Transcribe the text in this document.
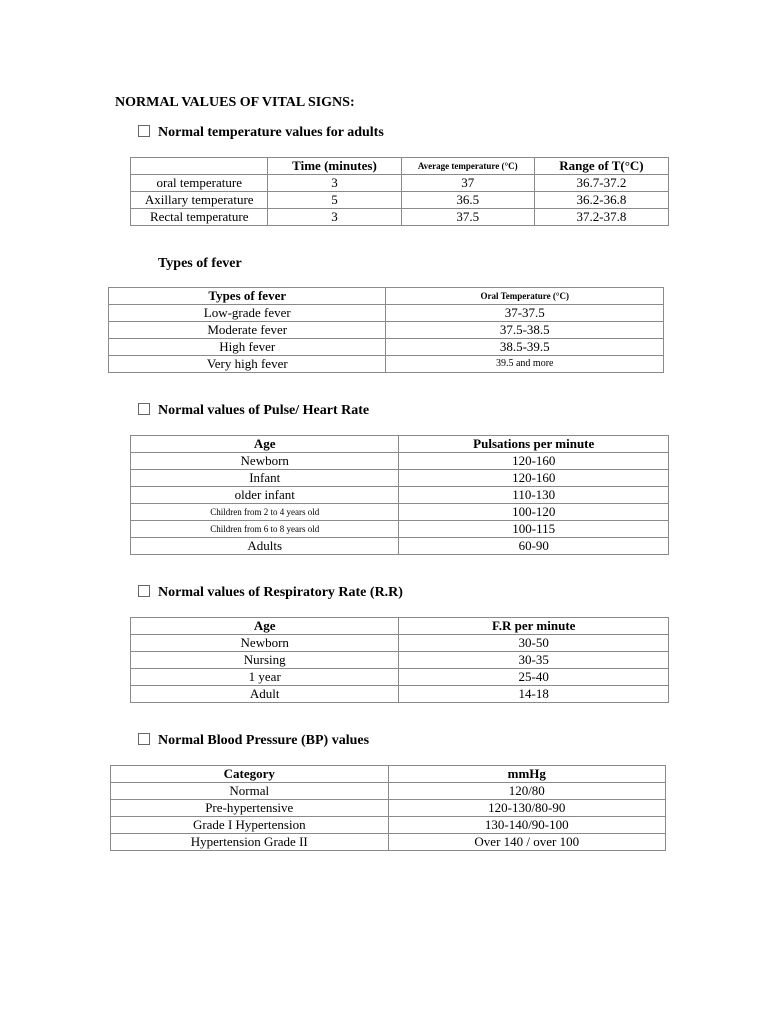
NORMAL VALUES OF VITAL SIGNS:
Normal temperature values for adults
	Time (minutes)	Average temperature (°C)	Range of T(°C)
oral temperature	3	37	36.7-37.2
Axillary temperature	5	36.5	36.2-36.8
Rectal temperature	3	37.5	37.2-37.8
Types of fever
Types of fever	Oral Temperature (°C)
Low-grade fever	37-37.5
Moderate fever	37.5-38.5
High fever	38.5-39.5
Very high fever	39.5 and more
Normal values of Pulse/ Heart Rate
Age	Pulsations per minute
Newborn	120-160
Infant	120-160
older infant	110-130
Children from 2 to 4 years old	100-120
Children from 6 to 8 years old	100-115
Adults	60-90
Normal values of Respiratory Rate (R.R)
Age	F.R per minute
Newborn	30-50
Nursing	30-35
1 year	25-40
Adult	14-18
Normal Blood Pressure (BP) values
Category	mmHg
Normal	120/80
Pre-hypertensive	120-130/80-90
Grade I Hypertension	130-140/90-100
Hypertension Grade II	Over 140 / over 100
